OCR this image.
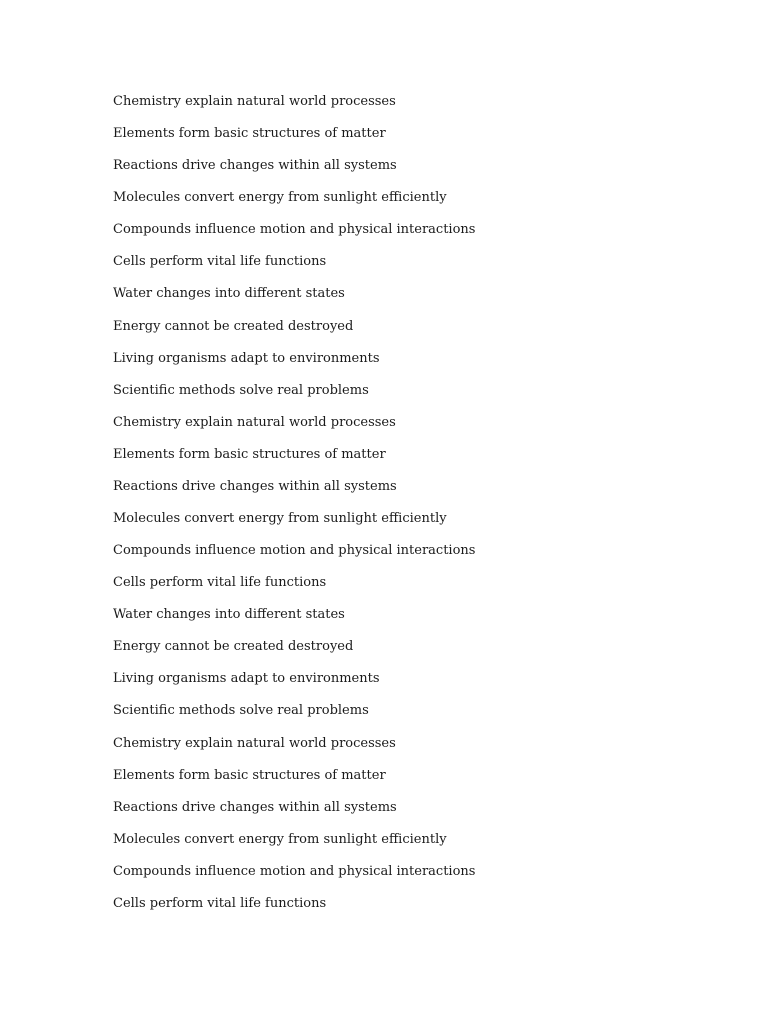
Chemistry explain natural world processes
Elements form basic structures of matter
Reactions drive changes within all systems
Molecules convert energy from sunlight efficiently
Compounds influence motion and physical interactions
Cells perform vital life functions
Water changes into different states
Energy cannot be created destroyed
Living organisms adapt to environments
Scientific methods solve real problems
Chemistry explain natural world processes
Elements form basic structures of matter
Reactions drive changes within all systems
Molecules convert energy from sunlight efficiently
Compounds influence motion and physical interactions
Cells perform vital life functions
Water changes into different states
Energy cannot be created destroyed
Living organisms adapt to environments
Scientific methods solve real problems
Chemistry explain natural world processes
Elements form basic structures of matter
Reactions drive changes within all systems
Molecules convert energy from sunlight efficiently
Compounds influence motion and physical interactions
Cells perform vital life functions
